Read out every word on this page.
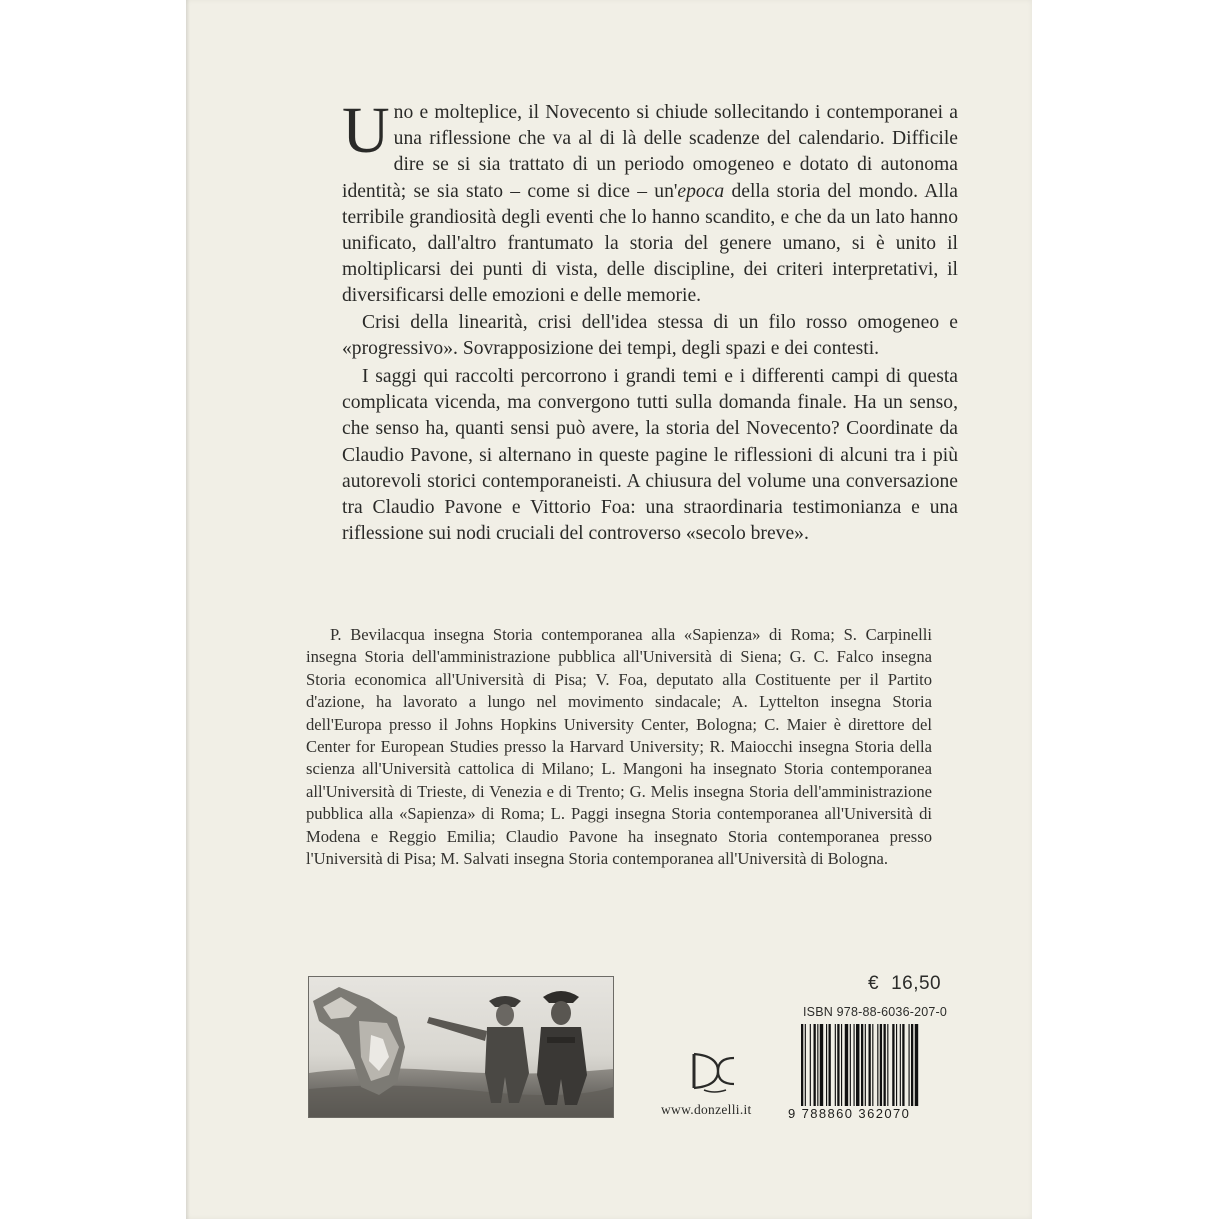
Uno e molteplice, il Novecento si chiude sollecitando i contemporanei a una riflessione che va al di là delle scadenze del calendario. Difficile dire se si sia trattato di un periodo omogeneo e dotato di autonoma identità; se sia stato – come si dice – un'epoca della storia del mondo. Alla terribile grandiosità degli eventi che lo hanno scandito, e che da un lato hanno unificato, dall'altro frantumato la storia del genere umano, si è unito il moltiplicarsi dei punti di vista, delle discipline, dei criteri interpretativi, il diversificarsi delle emozioni e delle memorie.

Crisi della linearità, crisi dell'idea stessa di un filo rosso omogeneo e «progressivo». Sovrapposizione dei tempi, degli spazi e dei contesti.

I saggi qui raccolti percorrono i grandi temi e i differenti campi di questa complicata vicenda, ma convergono tutti sulla domanda finale. Ha un senso, che senso ha, quanti sensi può avere, la storia del Novecento? Coordinate da Claudio Pavone, si alternano in queste pagine le riflessioni di alcuni tra i più autorevoli storici contemporaneisti. A chiusura del volume una conversazione tra Claudio Pavone e Vittorio Foa: una straordinaria testimonianza e una riflessione sui nodi cruciali del controverso «secolo breve».

P. Bevilacqua insegna Storia contemporanea alla «Sapienza» di Roma; S. Carpinelli insegna Storia dell'amministrazione pubblica all'Università di Siena; G. C. Falco insegna Storia economica all'Università di Pisa; V. Foa, deputato alla Costituente per il Partito d'azione, ha lavorato a lungo nel movimento sindacale; A. Lyttelton insegna Storia dell'Europa presso il Johns Hopkins University Center, Bologna; C. Maier è direttore del Center for European Studies presso la Harvard University; R. Maiocchi insegna Storia della scienza all'Università cattolica di Milano; L. Mangoni ha insegnato Storia contemporanea all'Università di Trieste, di Venezia e di Trento; G. Melis insegna Storia dell'amministrazione pubblica alla «Sapienza» di Roma; L. Paggi insegna Storia contemporanea all'Università di Modena e Reggio Emilia; Claudio Pavone ha insegnato Storia contemporanea presso l'Università di Pisa; M. Salvati insegna Storia contemporanea all'Università di Bologna.
€ 16,50
ISBN 978-88-6036-207-0
9 788860 362070
www.donzelli.it
